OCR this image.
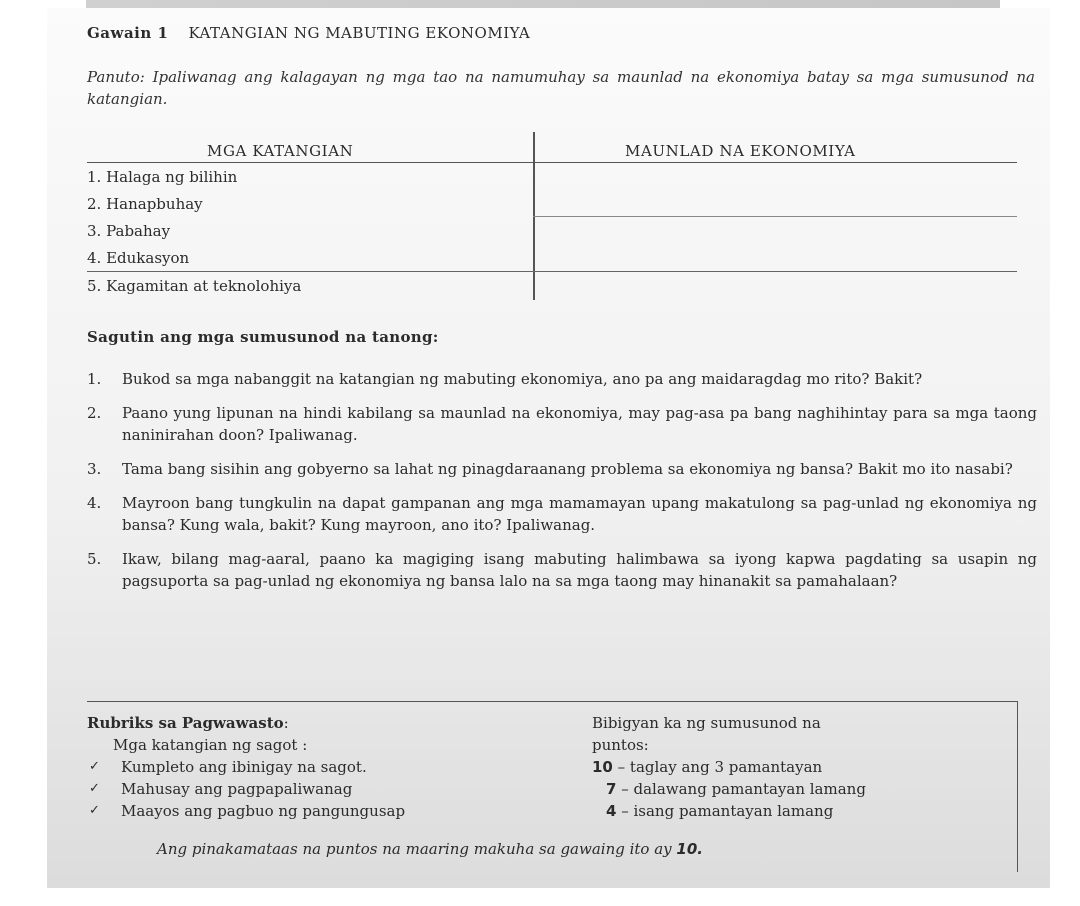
Gawain 1 KATANGIAN NG MABUTING EKONOMIYA
Panuto: Ipaliwanag ang kalagayan ng mga tao na namumuhay sa maunlad na ekonomiya batay sa mga sumusunod na katangian.
MGA KATANGIAN	MAUNLAD NA EKONOMIYA
1. Halaga ng bilihin
2. Hanapbuhay
3. Pabahay
4. Edukasyon
5. Kagamitan at teknolohiya
Sagutin ang mga sumusunod na tanong:
1. Bukod sa mga nabanggit na katangian ng mabuting ekonomiya, ano pa ang maidaragdag mo rito? Bakit?
2. Paano yung lipunan na hindi kabilang sa maunlad na ekonomiya, may pag-asa pa bang naghihintay para sa mga taong naninirahan doon? Ipaliwanag.
3. Tama bang sisihin ang gobyerno sa lahat ng pinagdaraanang problema sa ekonomiya ng bansa? Bakit mo ito nasabi?
4. Mayroon bang tungkulin na dapat gampanan ang mga mamamayan upang makatulong sa pag-unlad ng ekonomiya ng bansa? Kung wala, bakit? Kung mayroon, ano ito? Ipaliwanag.
5. Ikaw, bilang mag-aaral, paano ka magiging isang mabuting halimbawa sa iyong kapwa pagdating sa usapin ng pagsuporta sa pag-unlad ng ekonomiya ng bansa lalo na sa mga taong may hinanakit sa pamahalaan?
Rubriks sa Pagwawasto:
Mga katangian ng sagot :
✓ Kumpleto ang ibinigay na sagot.
✓ Mahusay ang pagpapaliwanag
✓ Maayos ang pagbuo ng pangungusap
Bibigyan ka ng sumusunod na
puntos:
10 – taglay ang 3 pamantayan
7 – dalawang pamantayan lamang
4 – isang pamantayan lamang
Ang pinakamataas na puntos na maaring makuha sa gawaing ito ay 10.
